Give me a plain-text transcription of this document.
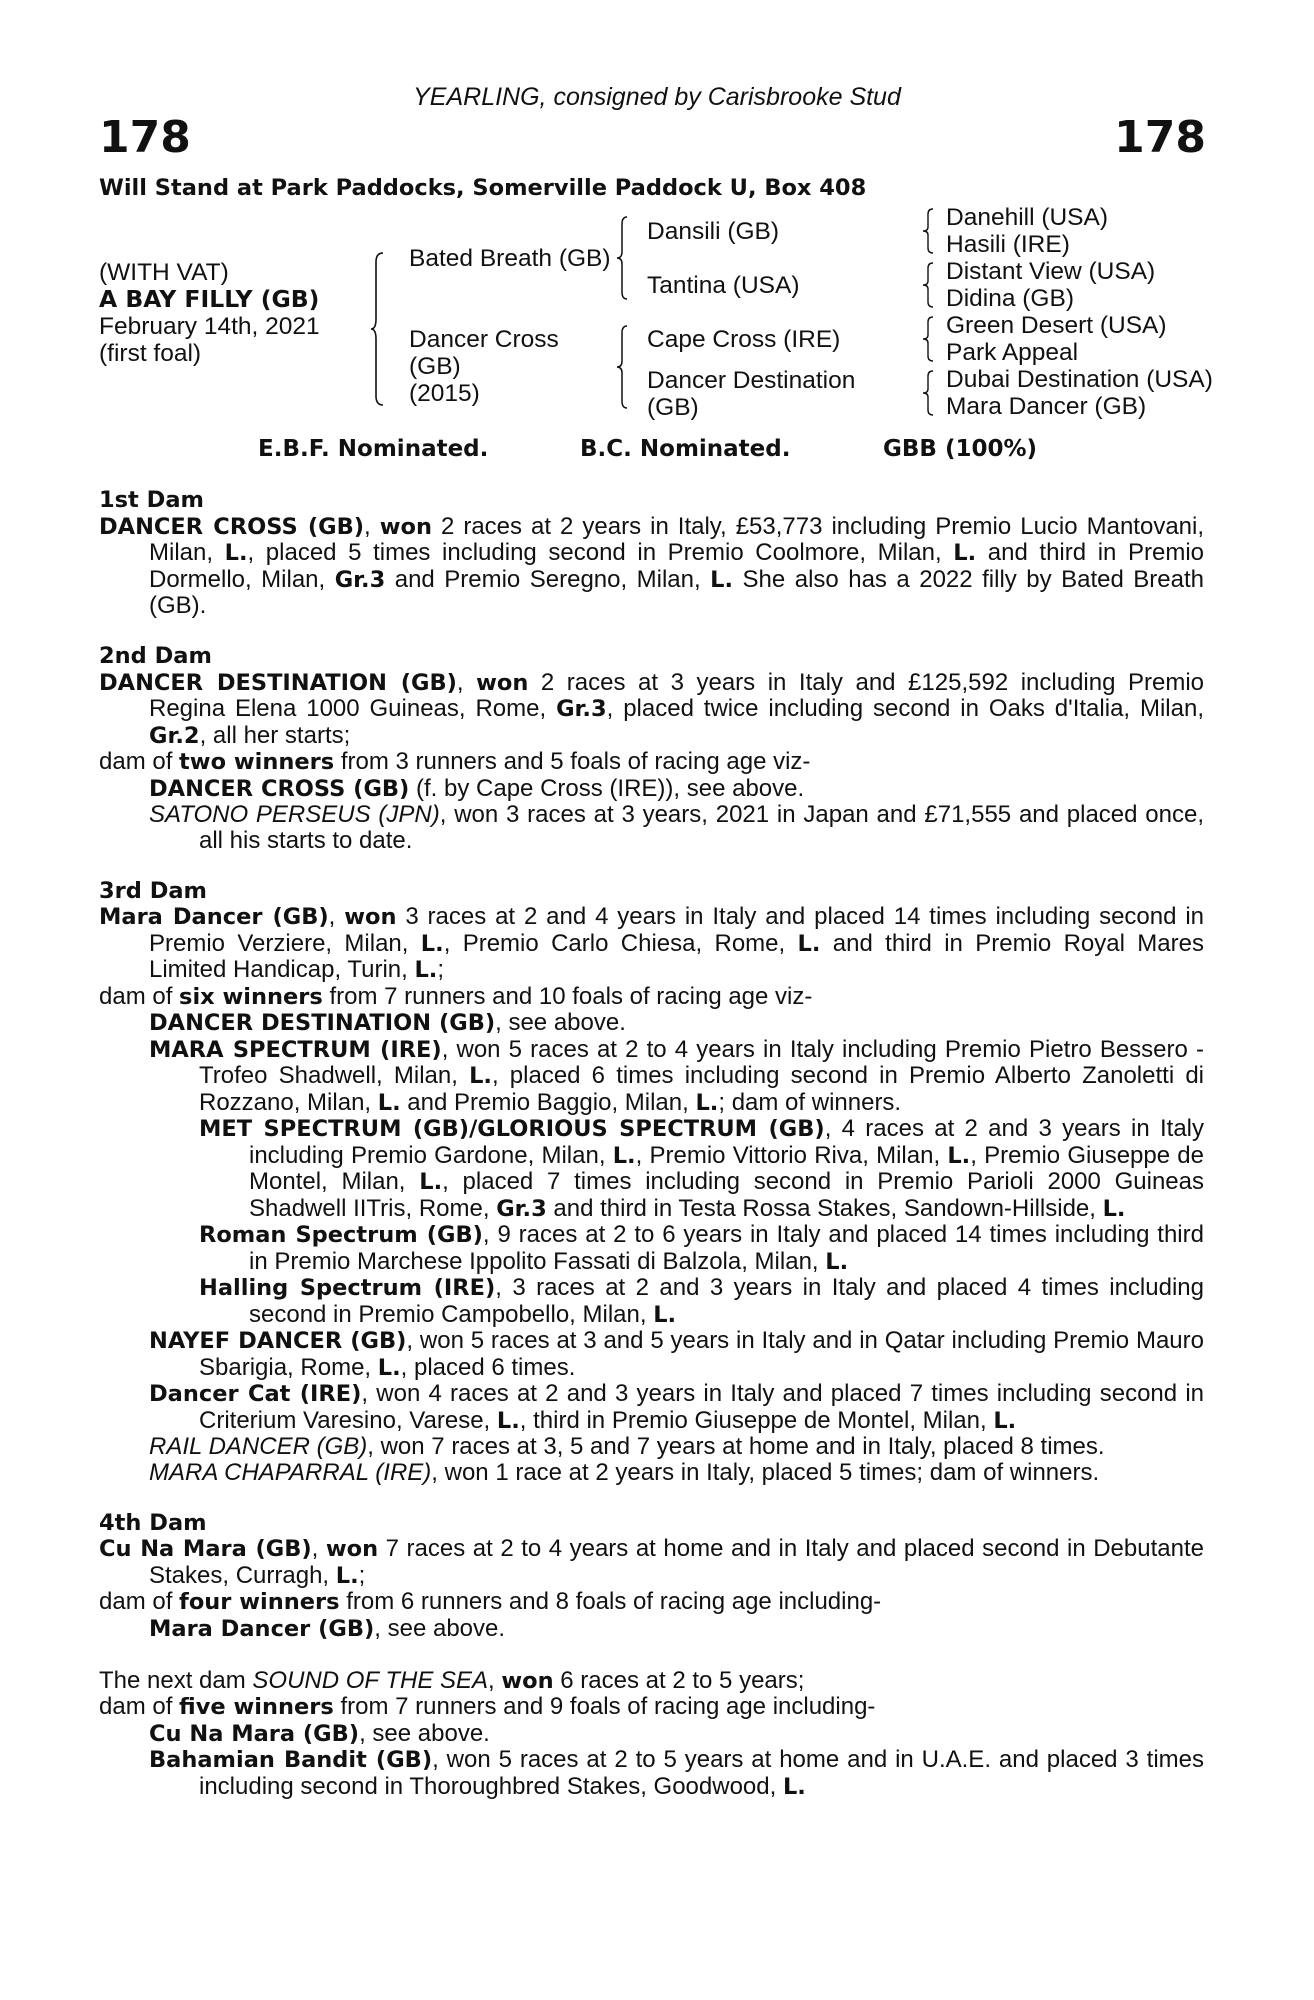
YEARLING, consigned by Carisbrooke Stud
178	178
Will Stand at Park Paddocks, Somerville Paddock U, Box 408
(WITH VAT)
A BAY FILLY (GB)
February 14th, 2021
(first foal)
Bated Breath (GB)
Dancer Cross
(GB)
(2015)
Dansili (GB)
Tantina (USA)
Cape Cross (IRE)
Dancer Destination
(GB)
Danehill (USA)
Hasili (IRE)
Distant View (USA)
Didina (GB)
Green Desert (USA)
Park Appeal
Dubai Destination (USA)
Mara Dancer (GB)
E.B.F. Nominated.	B.C. Nominated.	GBB (100%)

1st Dam

DANCER CROSS (GB), won 2 races at 2 years in Italy, £53,773 including Premio Lucio Mantovani, Milan, L., placed 5 times including second in Premio Coolmore, Milan, L. and third in Premio Dormello, Milan, Gr.3 and Premio Seregno, Milan, L. She also has a 2022 filly by Bated Breath (GB).

2nd Dam

DANCER DESTINATION (GB), won 2 races at 3 years in Italy and £125,592 including Premio Regina Elena 1000 Guineas, Rome, Gr.3, placed twice including second in Oaks d'Italia, Milan, Gr.2, all her starts;

dam of two winners from 3 runners and 5 foals of racing age viz-

DANCER CROSS (GB) (f. by Cape Cross (IRE)), see above.

SATONO PERSEUS (JPN), won 3 races at 3 years, 2021 in Japan and £71,555 and placed once, all his starts to date.

3rd Dam

Mara Dancer (GB), won 3 races at 2 and 4 years in Italy and placed 14 times including second in Premio Verziere, Milan, L., Premio Carlo Chiesa, Rome, L. and third in Premio Royal Mares Limited Handicap, Turin, L.;

dam of six winners from 7 runners and 10 foals of racing age viz-

DANCER DESTINATION (GB), see above.

MARA SPECTRUM (IRE), won 5 races at 2 to 4 years in Italy including Premio Pietro Bessero - Trofeo Shadwell, Milan, L., placed 6 times including second in Premio Alberto Zanoletti di Rozzano, Milan, L. and Premio Baggio, Milan, L.; dam of winners.

MET SPECTRUM (GB)/GLORIOUS SPECTRUM (GB), 4 races at 2 and 3 years in Italy including Premio Gardone, Milan, L., Premio Vittorio Riva, Milan, L., Premio Giuseppe de Montel, Milan, L., placed 7 times including second in Premio Parioli 2000 Guineas Shadwell IITris, Rome, Gr.3 and third in Testa Rossa Stakes, Sandown-Hillside, L.

Roman Spectrum (GB), 9 races at 2 to 6 years in Italy and placed 14 times including third in Premio Marchese Ippolito Fassati di Balzola, Milan, L.

Halling Spectrum (IRE), 3 races at 2 and 3 years in Italy and placed 4 times including second in Premio Campobello, Milan, L.

NAYEF DANCER (GB), won 5 races at 3 and 5 years in Italy and in Qatar including Premio Mauro Sbarigia, Rome, L., placed 6 times.

Dancer Cat (IRE), won 4 races at 2 and 3 years in Italy and placed 7 times including second in Criterium Varesino, Varese, L., third in Premio Giuseppe de Montel, Milan, L.

RAIL DANCER (GB), won 7 races at 3, 5 and 7 years at home and in Italy, placed 8 times.

MARA CHAPARRAL (IRE), won 1 race at 2 years in Italy, placed 5 times; dam of winners.

4th Dam

Cu Na Mara (GB), won 7 races at 2 to 4 years at home and in Italy and placed second in Debutante Stakes, Curragh, L.;

dam of four winners from 6 runners and 8 foals of racing age including-

Mara Dancer (GB), see above.

The next dam SOUND OF THE SEA, won 6 races at 2 to 5 years;

dam of five winners from 7 runners and 9 foals of racing age including-

Cu Na Mara (GB), see above.

Bahamian Bandit (GB), won 5 races at 2 to 5 years at home and in U.A.E. and placed 3 times including second in Thoroughbred Stakes, Goodwood, L.
